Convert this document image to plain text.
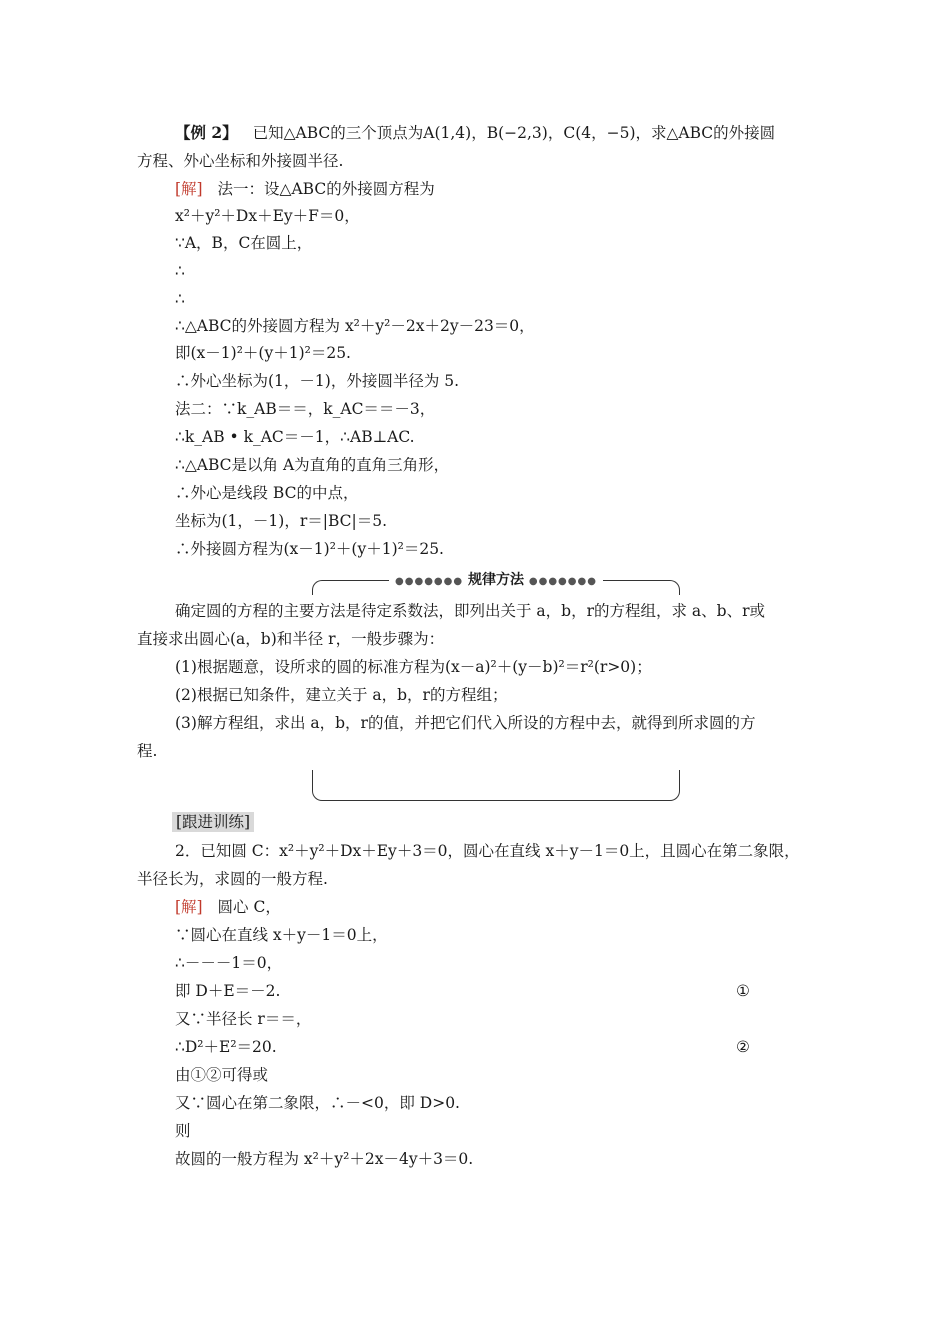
【例 2】 已知△ABC的三个顶点为A(1,4)，B(−2,3)，C(4，−5)，求△ABC的外接圆
方程、外心坐标和外接圆半径.
[解] 法一：设△ABC的外接圆方程为
x²＋y²＋Dx＋Ey＋F＝0，
∵A，B，C在圆上，
∴
∴
∴△ABC的外接圆方程为 x²＋y²－2x＋2y－23＝0，
即(x－1)²＋(y＋1)²＝25.
∴外心坐标为(1，－1)，外接圆半径为 5.
法二：∵k_AB＝＝，k_AC＝＝－3，
∴k_AB • k_AC＝－1，∴AB⊥AC.
∴△ABC是以角 A为直角的直角三角形，
∴外心是线段 BC的中点，
坐标为(1，－1)，r＝|BC|＝5.
∴外接圆方程为(x－1)²＋(y＋1)²＝25.
●●●●●●● 规律方法 ●●●●●●●
确定圆的方程的主要方法是待定系数法，即列出关于 a，b，r的方程组，求 a、b、r或
直接求出圆心(a，b)和半径 r，一般步骤为：
(1)根据题意，设所求的圆的标准方程为(x－a)²＋(y－b)²＝r²(r>0)；
(2)根据已知条件，建立关于 a，b，r的方程组；
(3)解方程组，求出 a，b，r的值，并把它们代入所设的方程中去，就得到所求圆的方
程.
[跟进训练]
2．已知圆 C：x²＋y²＋Dx＋Ey＋3＝0，圆心在直线 x＋y－1＝0上，且圆心在第二象限，
半径长为，求圆的一般方程.
[解] 圆心 C，
∵圆心在直线 x＋y－1＝0上，
∴－－－1＝0，
即 D＋E＝－2.	①
又∵半径长 r＝＝，
∴D²＋E²＝20.	②
由①②可得或
又∵圆心在第二象限，∴－<0，即 D>0.
则
故圆的一般方程为 x²＋y²＋2x－4y＋3＝0.
